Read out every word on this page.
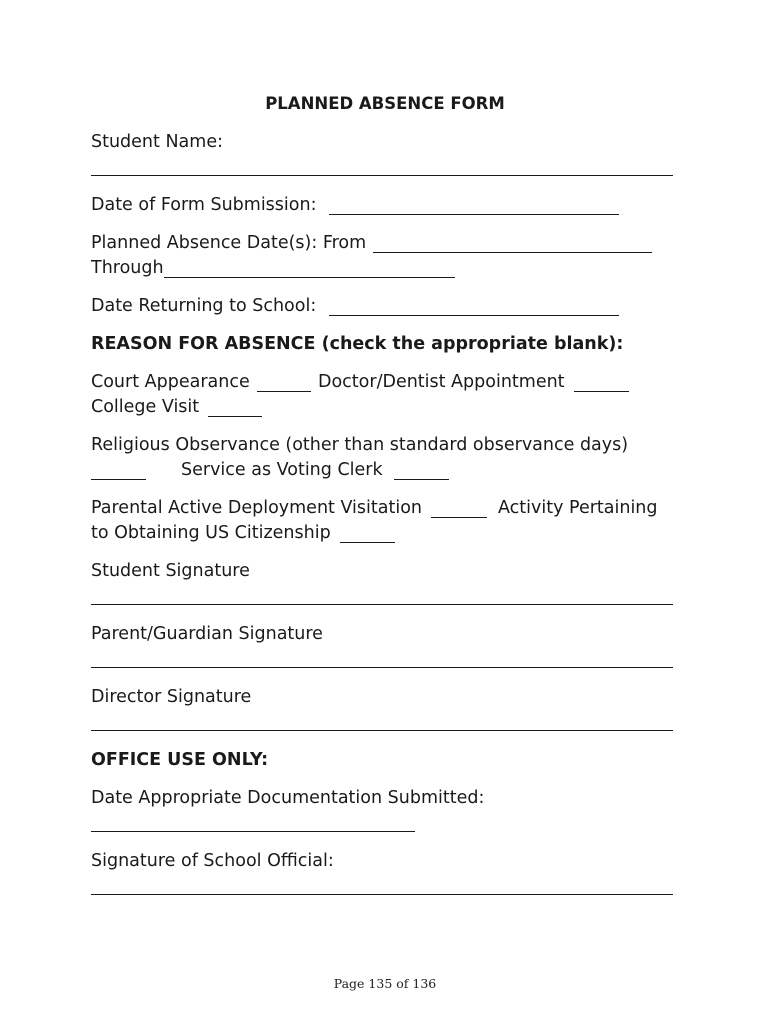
PLANNED ABSENCE FORM
Student Name:
Date of Form Submission:
Planned Absence Date(s): From
Through
Date Returning to School:
REASON FOR ABSENCE (check the appropriate blank):
Court Appearance	Doctor/Dentist Appointment
College Visit
Religious Observance (other than standard observance days)
Service as Voting Clerk
Parental Active Deployment Visitation	Activity Pertaining
to Obtaining US Citizenship
Student Signature
Parent/Guardian Signature
Director Signature
OFFICE USE ONLY:
Date Appropriate Documentation Submitted:
Signature of School Official:
Page 135 of 136
